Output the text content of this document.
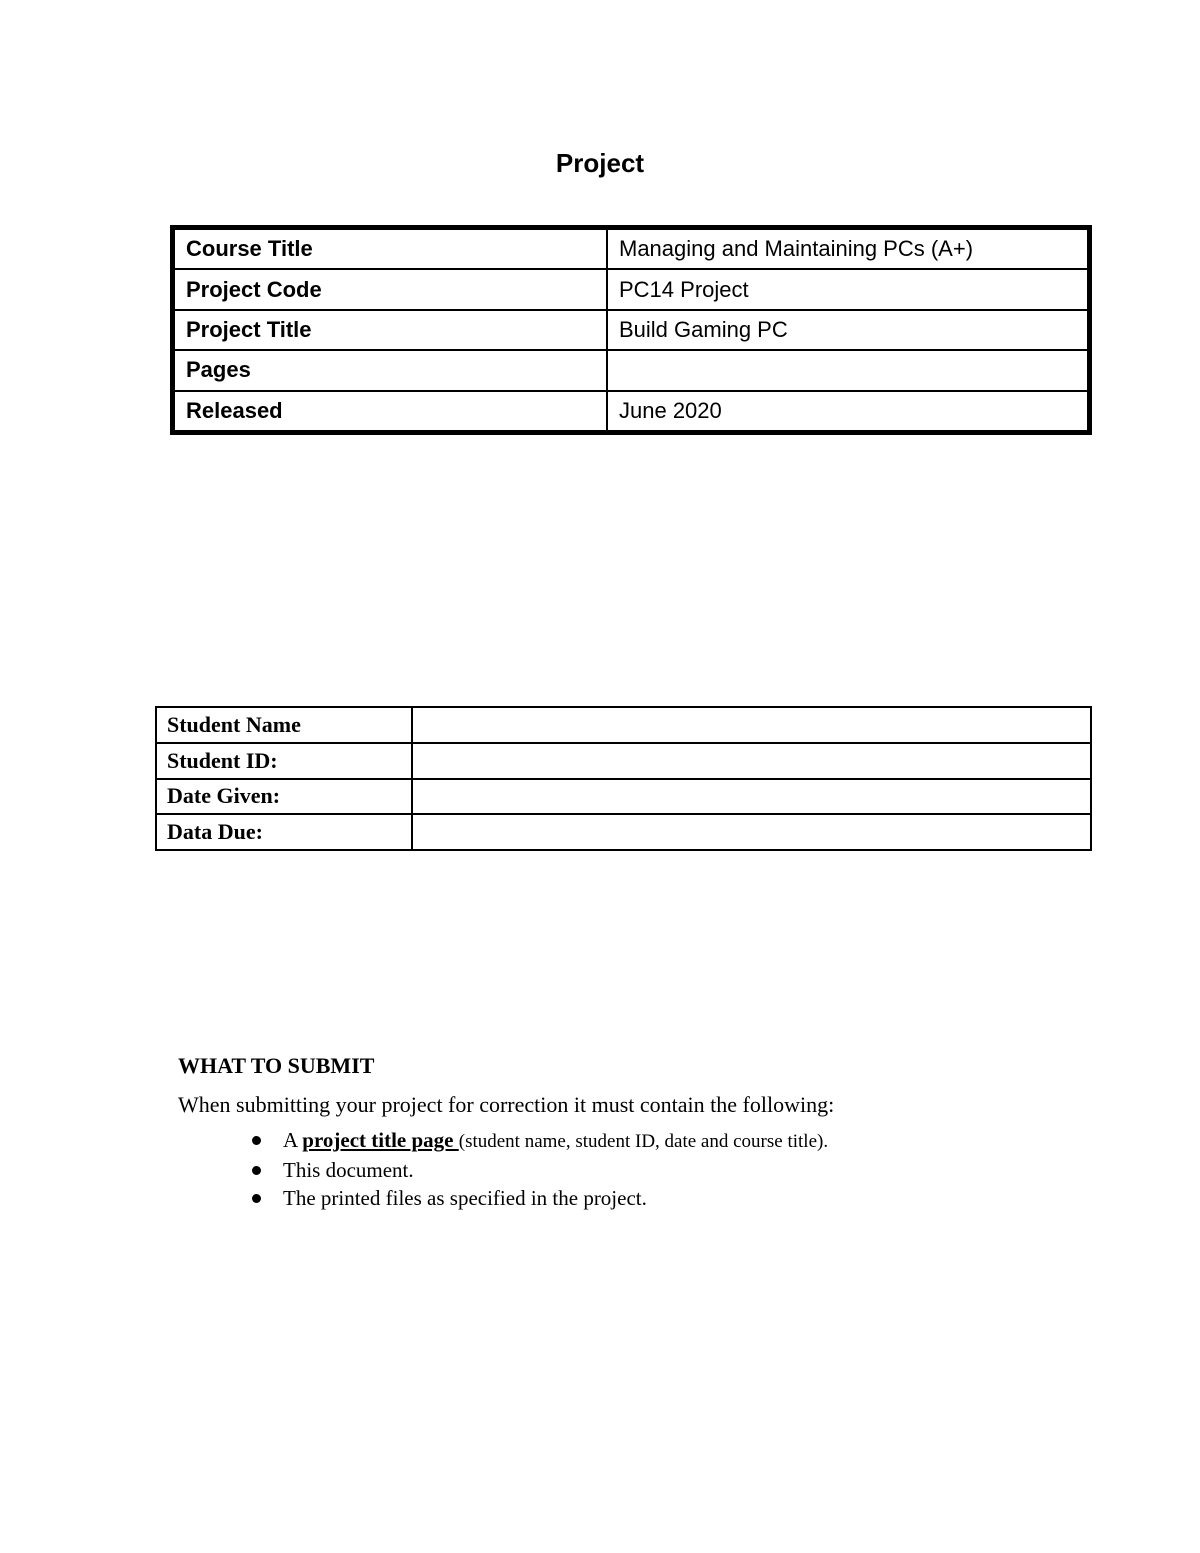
Project
Course Title	Managing and Maintaining PCs (A+)
Project Code	PC14 Project
Project Title	Build Gaming PC
Pages	
Released	June 2020
Student Name	
Student ID:	
Date Given:	
Data Due:	
WHAT TO SUBMIT

When submitting your project for correction it must contain the following:

A project title page (student name, student ID, date and course title).
This document.
The printed files as specified in the project.
